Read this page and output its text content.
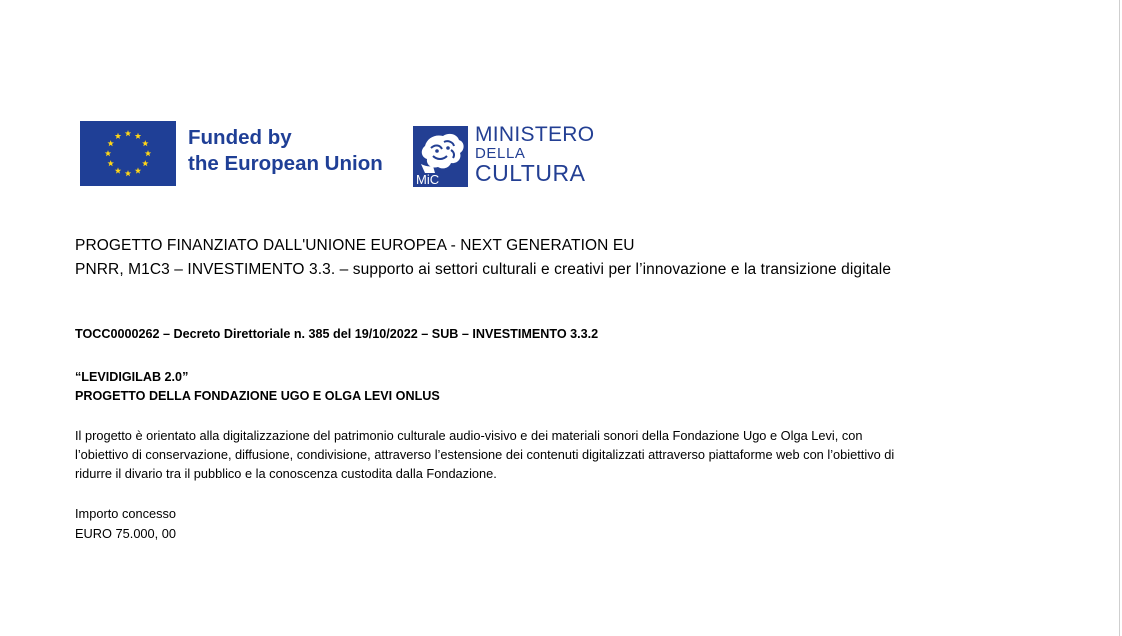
Funded by
the European Union
MiC
MINISTERO
DELLA
CULTURA
PROGETTO FINANZIATO DALL'UNIONE EUROPEA - NEXT GENERATION EU
PNRR, M1C3 – INVESTIMENTO 3.3. – supporto ai settori culturali e creativi per l’innovazione e la transizione digitale
TOCC0000262 – Decreto Direttoriale n. 385 del 19/10/2022 – SUB – INVESTIMENTO 3.3.2
“LEVIDIGILAB 2.0”
PROGETTO DELLA FONDAZIONE UGO E OLGA LEVI ONLUS
Il progetto è orientato alla digitalizzazione del patrimonio culturale audio-visivo e dei materiali sonori della Fondazione Ugo e Olga Levi, con
l’obiettivo di conservazione, diffusione, condivisione, attraverso l’estensione dei contenuti digitalizzati attraverso piattaforme web con l’obiettivo di
ridurre il divario tra il pubblico e la conoscenza custodita dalla Fondazione.
Importo concesso
EURO 75.000, 00
